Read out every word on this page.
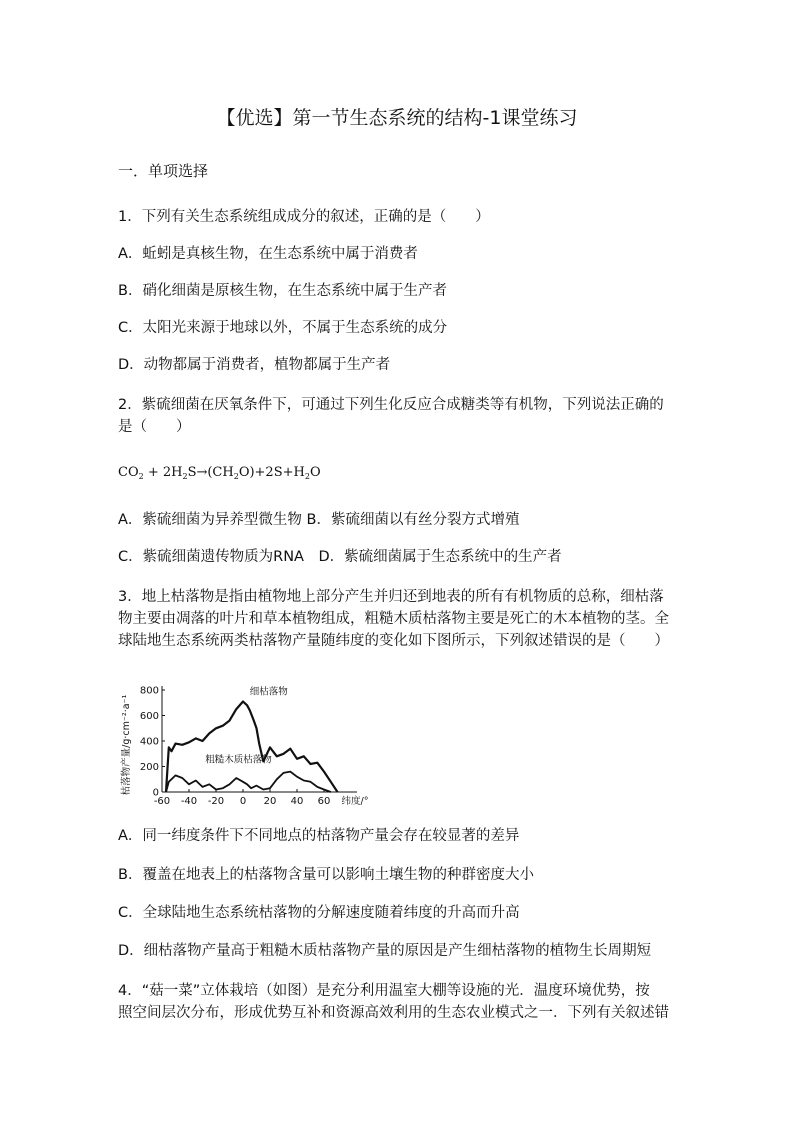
【优选】第一节生态系统的结构-1课堂练习
一．单项选择
1．下列有关生态系统组成成分的叙述，正确的是（　　）
A．蚯蚓是真核生物，在生态系统中属于消费者
B．硝化细菌是原核生物，在生态系统中属于生产者
C．太阳光来源于地球以外，不属于生态系统的成分
D．动物都属于消费者，植物都属于生产者
2．紫硫细菌在厌氧条件下，可通过下列生化反应合成糖类等有机物，下列说法正确的
是（　　）
$CO_2 + 2H_2S\to(CH_2O)+2S+H_2O$
A．紫硫细菌为异养型微生物 B．紫硫细菌以有丝分裂方式增殖
C．紫硫细菌遗传物质为RNA　D．紫硫细菌属于生态系统中的生产者
3．地上枯落物是指由植物地上部分产生并归还到地表的所有有机物质的总称，细枯落
物主要由凋落的叶片和草本植物组成，粗糙木质枯落物主要是死亡的木本植物的茎。全
球陆地生态系统两类枯落物产量随纬度的变化如下图所示，下列叙述错误的是（　　）
0
200
400
600
800
-60 -40 -20 0 20 40 60 纬度/°
枯落物产量/g·cm⁻²·a⁻¹
细枯落物
粗糙木质枯落物
A．同一纬度条件下不同地点的枯落物产量会存在较显著的差异
B．覆盖在地表上的枯落物含量可以影响土壤生物的种群密度大小
C．全球陆地生态系统枯落物的分解速度随着纬度的升高而升高
D．细枯落物产量高于粗糙木质枯落物产量的原因是产生细枯落物的植物生长周期短
4．“菇一菜”立体栽培（如图）是充分利用温室大棚等设施的光．温度环境优势，按
照空间层次分布，形成优势互补和资源高效利用的生态农业模式之一．下列有关叙述错
